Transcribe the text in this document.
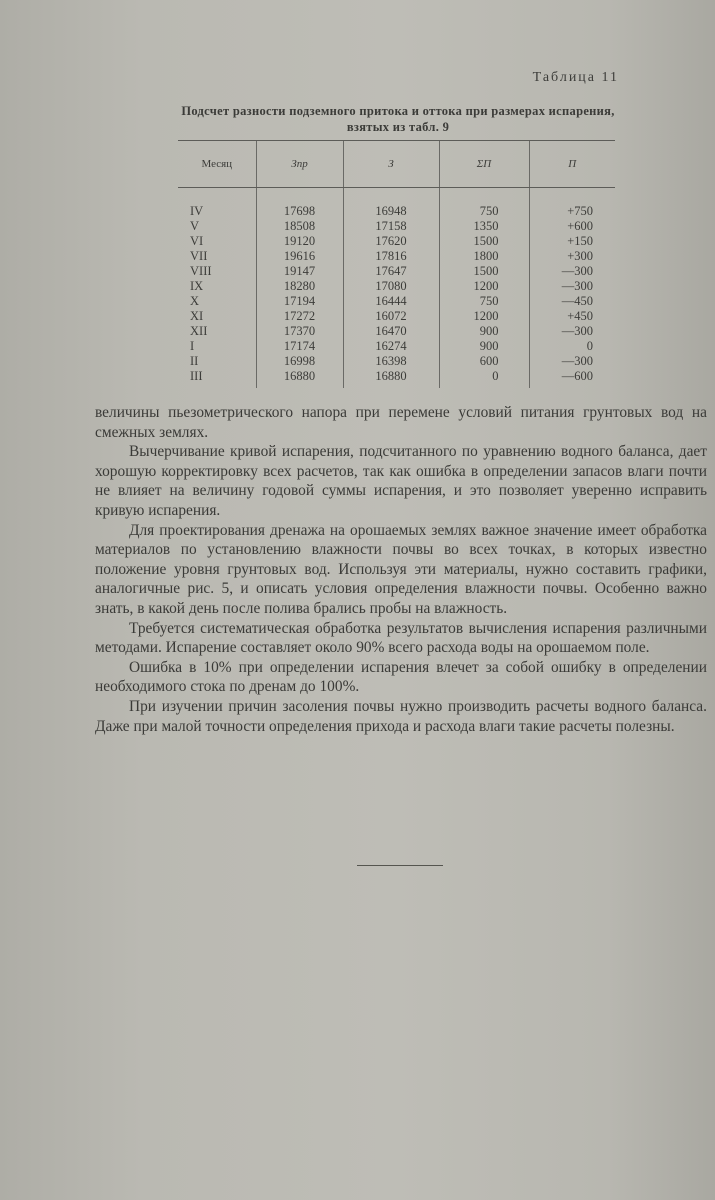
Таблица 11
Подсчет разности подземного притока и оттока при размерах испарения, взятых из табл. 9
Месяц	Зпр	З	ΣП	П
IV	17698	16948	750	+750
V	18508	17158	1350	+600
VI	19120	17620	1500	+150
VII	19616	17816	1800	+300
VIII	19147	17647	1500	—300
IX	18280	17080	1200	—300
X	17194	16444	750	—450
XI	17272	16072	1200	+450
XII	17370	16470	900	—300
I	17174	16274	900	0
II	16998	16398	600	—300
III	16880	16880	0	—600

величины пьезометрического напора при перемене условий питания грунтовых вод на смежных землях.

Вычерчивание кривой испарения, подсчитанного по уравнению водного баланса, дает хорошую корректировку всех расчетов, так как ошибка в определении запасов влаги почти не влияет на величину годовой суммы испарения, и это позволяет уверенно исправить кривую испарения.

Для проектирования дренажа на орошаемых землях важное значение имеет обработка материалов по установлению влажности почвы во всех точках, в которых известно положение уровня грунтовых вод. Используя эти материалы, нужно составить графики, аналогичные рис. 5, и описать условия определения влажности почвы. Особенно важно знать, в какой день после полива брались пробы на влажность.

Требуется систематическая обработка результатов вычисления испарения различными методами. Испарение составляет около 90% всего расхода воды на орошаемом поле.

Ошибка в 10% при определении испарения влечет за собой ошибку в определении необходимого стока по дренам до 100%.

При изучении причин засоления почвы нужно производить расчеты водного баланса. Даже при малой точности определения прихода и расхода влаги такие расчеты полезны.
